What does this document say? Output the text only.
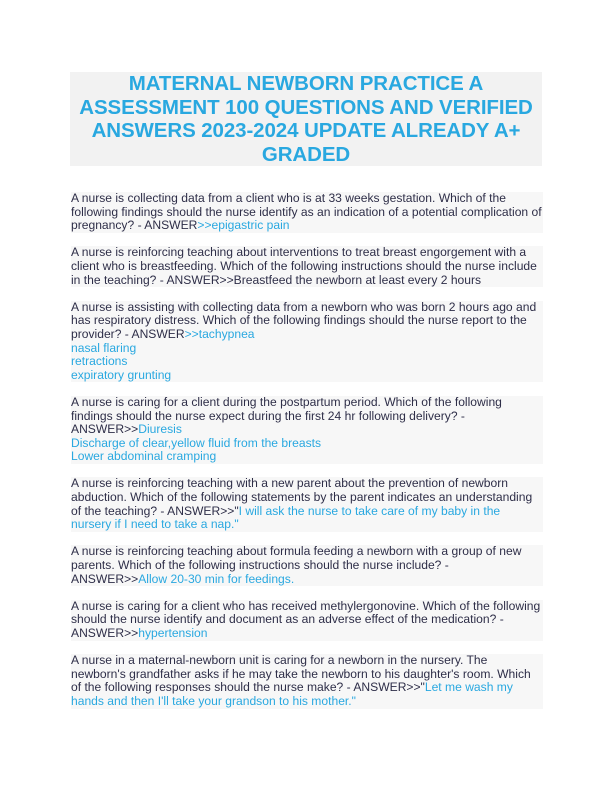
MATERNAL NEWBORN PRACTICE A ASSESSMENT 100 QUESTIONS AND VERIFIED ANSWERS 2023-2024 UPDATE ALREADY A+ GRADED

A nurse is collecting data from a client who is at 33 weeks gestation. Which of the
following findings should the nurse identify as an indication of a potential complication of
pregnancy? - ANSWER>>epigastric pain

A nurse is reinforcing teaching about interventions to treat breast engorgement with a
client who is breastfeeding. Which of the following instructions should the nurse include
in the teaching? - ANSWER>>Breastfeed the newborn at least every 2 hours

A nurse is assisting with collecting data from a newborn who was born 2 hours ago and
has respiratory distress. Which of the following findings should the nurse report to the
provider? - ANSWER>>tachypnea
nasal flaring
retractions
expiratory grunting

A nurse is caring for a client during the postpartum period. Which of the following
findings should the nurse expect during the first 24 hr following delivery? -
ANSWER>>Diuresis
Discharge of clear,yellow fluid from the breasts
Lower abdominal cramping

A nurse is reinforcing teaching with a new parent about the prevention of newborn
abduction. Which of the following statements by the parent indicates an understanding
of the teaching? - ANSWER>>"I will ask the nurse to take care of my baby in the
nursery if I need to take a nap."

A nurse is reinforcing teaching about formula feeding a newborn with a group of new
parents. Which of the following instructions should the nurse include? -
ANSWER>>Allow 20-30 min for feedings.

A nurse is caring for a client who has received methylergonovine. Which of the following
should the nurse identify and document as an adverse effect of the medication? -
ANSWER>>hypertension

A nurse in a maternal-newborn unit is caring for a newborn in the nursery. The
newborn's grandfather asks if he may take the newborn to his daughter's room. Which
of the following responses should the nurse make? - ANSWER>>"Let me wash my
hands and then I'll take your grandson to his mother."
